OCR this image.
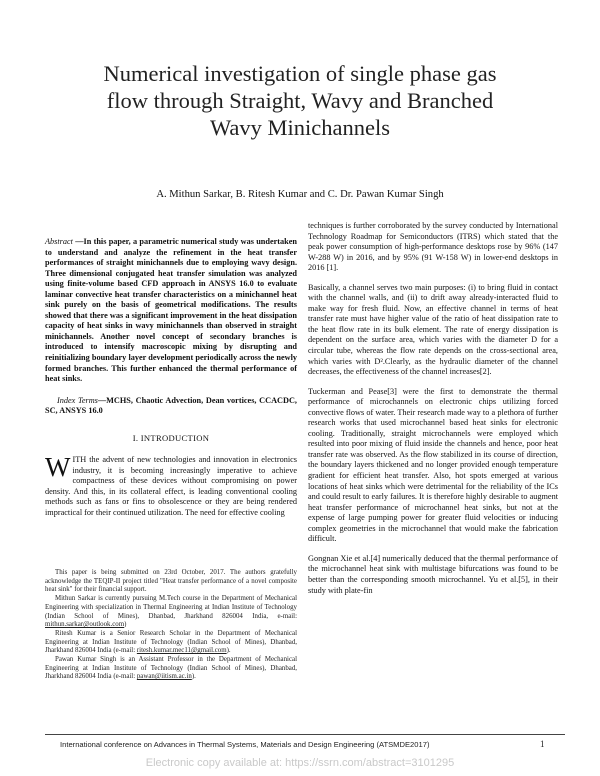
Numerical investigation of single phase gas
flow through Straight, Wavy and Branched
Wavy Minichannels
A. Mithun Sarkar, B. Ritesh Kumar and C. Dr. Pawan Kumar Singh

Abstract —In this paper, a parametric numerical study was undertaken to understand and analyze the refinement in the heat transfer performances of straight minichannels due to employing wavy design. Three dimensional conjugated heat transfer simulation was analyzed using finite-volume based CFD approach in ANSYS 16.0 to evaluate laminar convective heat transfer characteristics on a minichannel heat sink purely on the basis of geometrical modifications. The results showed that there was a significant improvement in the heat dissipation capacity of heat sinks in wavy minichannels than observed in straight minichannels. Another novel concept of secondary branches is introduced to intensify macroscopic mixing by disrupting and reinitializing boundary layer development periodically across the newly formed branches. This further enhanced the thermal performance of heat sinks.

Index Terms—MCHS, Chaotic Advection, Dean vortices, CCACDC, SC, ANSYS 16.0

I. INTRODUCTION

WITH the advent of new technologies and innovation in electronics industry, it is becoming increasingly imperative to achieve compactness of these devices without compromising on power density. And this, in its collateral effect, is leading conventional cooling methods such as fans or fins to obsolescence or they are being rendered impractical for their continued utilization. The need for effective cooling

This paper is being submitted on 23rd October, 2017. The authors gratefully acknowledge the TEQIP-II project titled "Heat transfer performance of a novel composite heat sink" for their financial support.

Mithun Sarkar is currently pursuing M.Tech course in the Department of Mechanical Engineering with specialization in Thermal Engineering at Indian Institute of Technology (Indian School of Mines), Dhanbad, Jharkhand 826004 India, e-mail: mithun.sarkar@outlook.com)

Ritesh Kumar is a Senior Research Scholar in the Department of Mechanical Engineering at Indian Institute of Technology (Indian School of Mines), Dhanbad, Jharkhand 826004 India (e-mail: ritesh.kumar.mec11@gmail.com).

Pawan Kumar Singh is an Assistant Professor in the Department of Mechanical Engineering at Indian Institute of Technology (Indian School of Mines), Dhanbad, Jharkhand 826004 India (e-mail: pawan@iitism.ac.in).

techniques is further corroborated by the survey conducted by International Technology Roadmap for Semiconductors (ITRS) which stated that the peak power consumption of high-performance desktops rose by 96% (147 W-288 W) in 2016, and by 95% (91 W-158 W) in lower-end desktops in 2016 [1].

Basically, a channel serves two main purposes: (i) to bring fluid in contact with the channel walls, and (ii) to drift away already-interacted fluid to make way for fresh fluid. Now, an effective channel in terms of heat transfer rate must have higher value of the ratio of heat dissipation rate to the heat flow rate in its bulk element. The rate of energy dissipation is dependent on the surface area, which varies with the diameter D for a circular tube, whereas the flow rate depends on the cross-sectional area, which varies with D².Clearly, as the hydraulic diameter of the channel decreases, the effectiveness of the channel increases[2].

Tuckerman and Pease[3] were the first to demonstrate the thermal performance of microchannels on electronic chips utilizing forced convective flows of water. Their research made way to a plethora of further research works that used microchannel based heat sinks for electronic cooling. Traditionally, straight microchannels were employed which resulted into poor mixing of fluid inside the channels and hence, poor heat transfer rate was observed. As the flow stabilized in its course of direction, the boundary layers thickened and no longer provided enough temperature gradient for efficient heat transfer. Also, hot spots emerged at various locations of heat sinks which were detrimental for the reliability of the ICs and could result to early failures. It is therefore highly desirable to augment heat transfer performance of microchannel heat sinks, but not at the expense of large pumping power for greater fluid velocities or inducing complex geometries in the microchannel that would make the fabrication difficult.

Gongnan Xie et al.[4] numerically deduced that the thermal performance of the microchannel heat sink with multistage bifurcations was found to be better than the corresponding smooth microchannel. Yu et al.[5], in their study with plate-fin

International conference on Advances in Thermal Systems, Materials and Design Engineering (ATSMDE2017)	1
Electronic copy available at: https://ssrn.com/abstract=3101295
